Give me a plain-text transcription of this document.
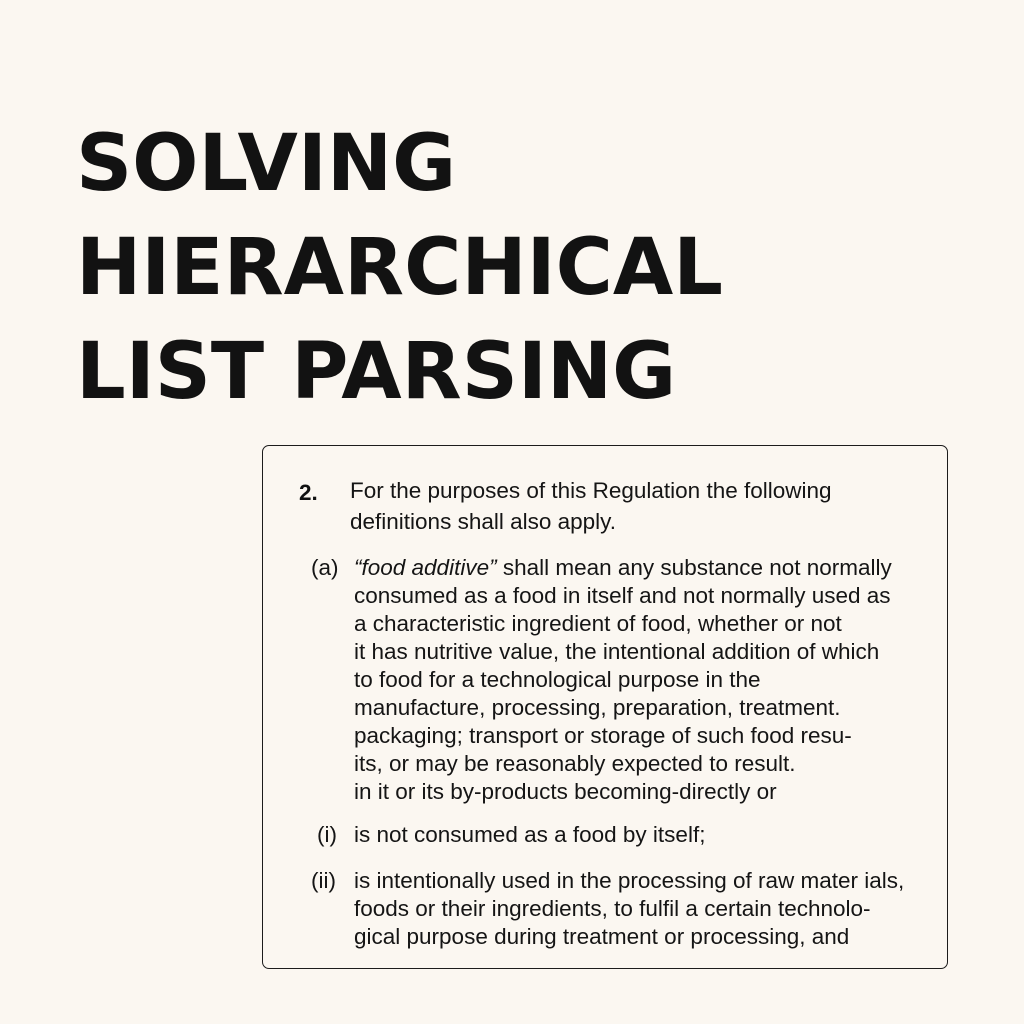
SOLVING
HIERARCHICAL
LIST PARSING
2. For the purposes of this Regulation the following
definitions shall also apply.
(a) “food additive” shall mean any substance not normally
consumed as a food in itself and not normally used as
a characteristic ingredient of food, whether or not
it has nutritive value, the intentional addition of which
to food for a technological purpose in the
manufacture, processing, preparation, treatment.
packaging; transport or storage of such food resu-
its, or may be reasonably expected to result.
in it or its by-products becoming-directly or
(i) is not consumed as a food by itself;
(ii) is intentionally used in the processing of raw mater ials,
foods or their ingredients, to fulfil a certain technolo-
gical purpose during treatment or processing, and
